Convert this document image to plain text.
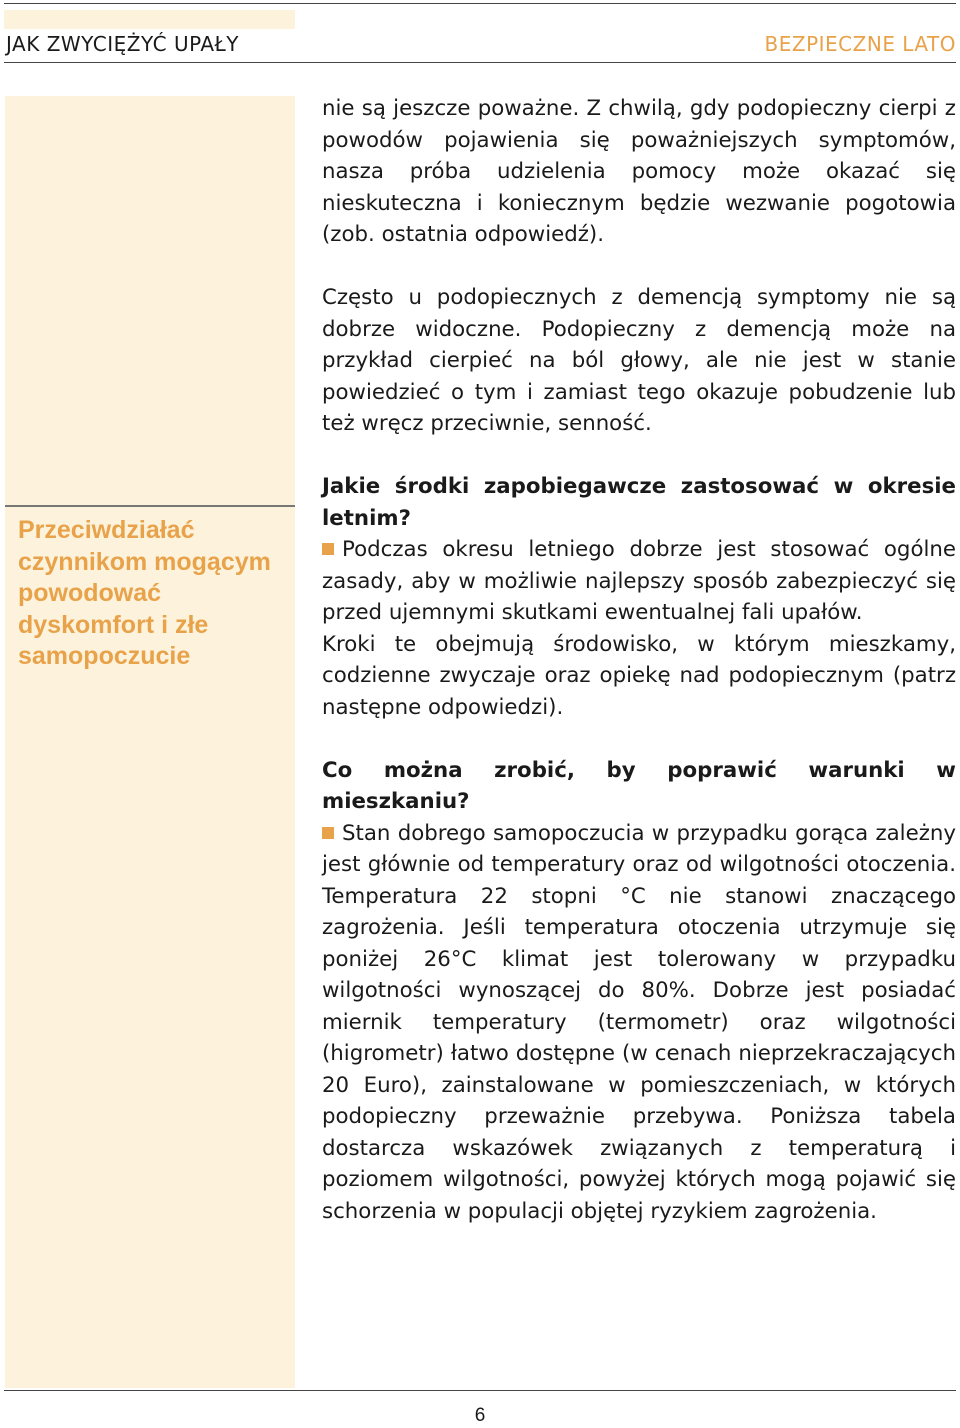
JAK ZWYCIĘŻYĆ UPAŁY	BEZPIECZNE LATO
Przeciwdziałać czynnikom mogącym powodować dyskomfort i złe samopoczucie

nie są jeszcze poważne. Z chwilą, gdy podopieczny cierpi z powodów pojawienia się poważniejszych symptomów, nasza próba udzielenia pomocy może okazać się nieskuteczna i koniecznym będzie wezwanie pogotowia (zob. ostatnia odpowiedź).

Często u podopiecznych z demencją symptomy nie są dobrze widoczne. Podopieczny z demencją może na przykład cierpieć na ból głowy, ale nie jest w stanie powiedzieć o tym i zamiast tego okazuje pobudzenie lub też wręcz przeciwnie, senność.

Jakie środki zapobiegawcze zastosować w okresie letnim?

Podczas okresu letniego dobrze jest stosować ogólne zasady, aby w możliwie najlepszy sposób zabezpieczyć się przed ujemnymi skutkami ewentualnej fali upałów.

Kroki te obejmują środowisko, w którym mieszkamy, codzienne zwyczaje oraz opiekę nad podopiecznym (patrz następne odpowiedzi).

Co można zrobić, by poprawić warunki w mieszkaniu?

Stan dobrego samopoczucia w przypadku gorąca zależny jest głównie od temperatury oraz od wilgotności otoczenia. Temperatura 22 stopni °C nie stanowi znaczącego zagrożenia. Jeśli temperatura otoczenia utrzymuje się poniżej 26°C klimat jest tolerowany w przypadku wilgotności wynoszącej do 80%. Dobrze jest posiadać miernik temperatury (termometr) oraz wilgotności (higrometr) łatwo dostępne (w cenach nieprzekraczających 20 Euro), zainstalowane w pomieszczeniach, w których podopieczny przeważnie przebywa. Poniższa tabela dostarcza wskazówek związanych z temperaturą i poziomem wilgotności, powyżej których mogą pojawić się schorzenia w populacji objętej ryzykiem zagrożenia.

6
